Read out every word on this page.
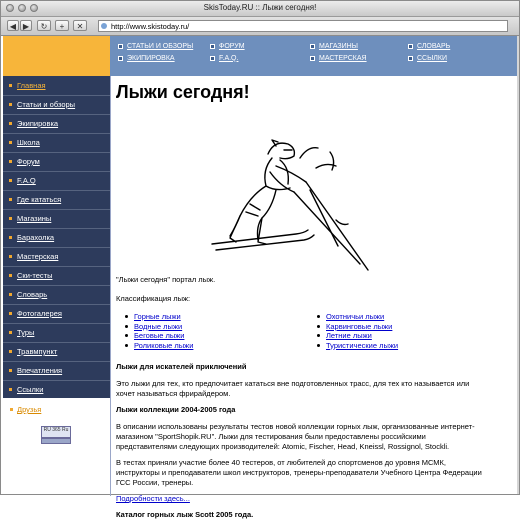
SkisToday.RU :: Лыжи сегодня!
◀ ▶	↻	+	✕	http://www.skistoday.ru/
СТАТЬИ И ОБЗОРЫ
ЭКИПИРОВКА
ФОРУМ
F.A.Q.
МАГАЗИНЫ
МАСТЕРСКАЯ
СЛОВАРЬ
ССЫЛКИ
Главная
Статьи и обзоры
Экипировка
Школа
Форум
F.A.Q
Где кататься
Магазины
Барахолка
Мастерская
Ски-тесты
Словарь
Фотогалерея
Туры
Травмпункт
Впечатления
Ссылки
Друзья
RU 365 Ru
Лыжи сегодня!
"Лыжи сегодня" портал лыж.
Классификация лыж:
Горные лыжи
Водные лыжи
Беговые лыжи
Роликовые лыжи
Охотничьи лыжи
Карвинговые лыжи
Летние лыжи
Туристические лыжи
Лыжи для искателей приключений
Это лыжи для тех, кто предпочитает кататься вне подготовленных трасс, для тех кто называется или
хочет называться фрирайдером.
Лыжи коллекции 2004-2005 года
В описании использованы результаты тестов новой коллекции горных лыж, организованные интернет-
магазином "SportShopik.RU". Лыжи для тестирования были предоставлены российскими
представителями следующих производителей: Atomic, Fischer, Head, Kneissl, Rossignol, Stockli.
В тестах приняли участие более 40 тестеров, от любителей до спортсменов до уровня МСМК,
инструкторы и преподаватели школ инструкторов, тренеры-преподаватели Учебного Центра Федерации
ГСС России, тренеры.
Подробности здесь...
Каталог горных лыж Scott 2005 года.
